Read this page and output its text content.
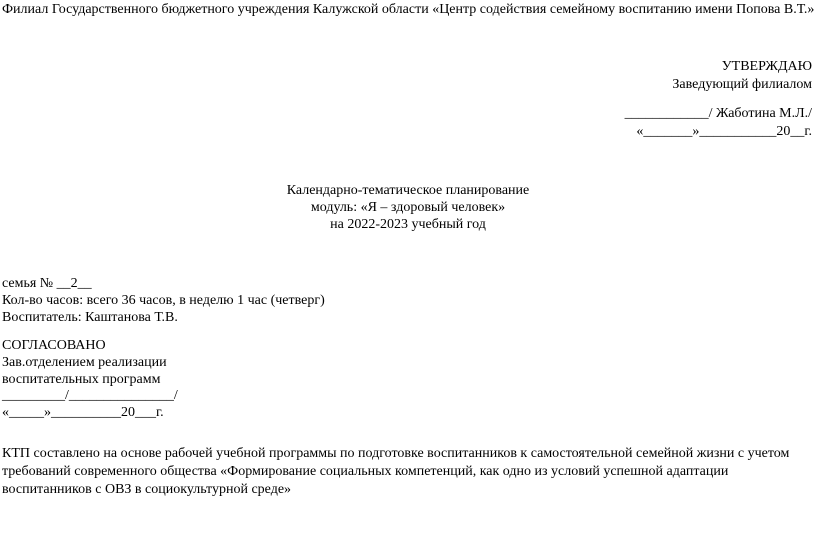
Филиал Государственного бюджетного учреждения Калужской области «Центр содействия семейному воспитанию имени Попова В.Т.»
УТВЕРЖДАЮ
Заведующий филиалом
____________/ Жаботина М.Л./
«_______»___________20__г.
Календарно-тематическое планирование
модуль: «Я – здоровый человек»
на 2022-2023 учебный год
семья № __2__
Кол-во часов: всего 36 часов, в неделю 1 час (четверг)
Воспитатель: Каштанова Т.В.
СОГЛАСОВАНО
Зав.отделением реализации
воспитательных программ
_________/_______________/
«_____»__________20___г.
КТП составлено на основе рабочей учебной программы по подготовке воспитанников к самостоятельной семейной жизни с учетом требований современного общества «Формирование социальных компетенций, как одно из условий успешной адаптации воспитанников с ОВЗ в социокультурной среде»
